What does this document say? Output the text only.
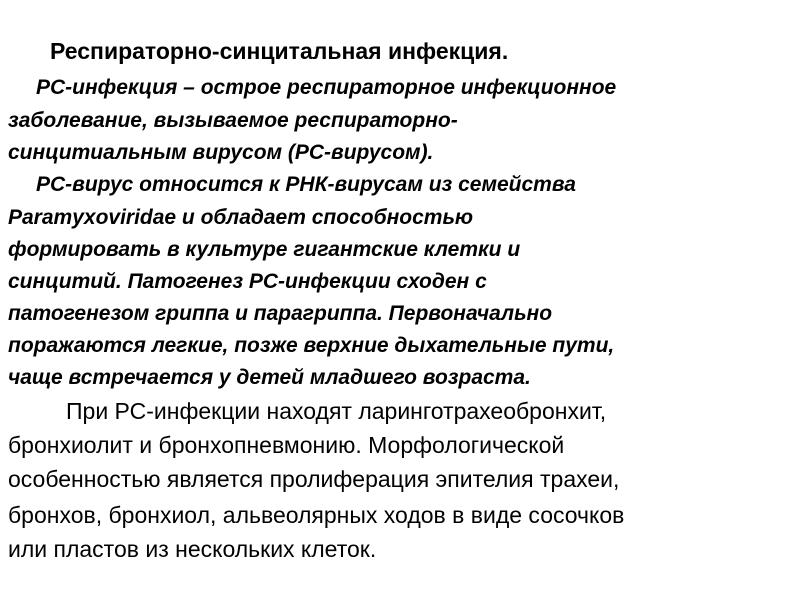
Респираторно-синцитальная инфекция.
РС-инфекция – острое респираторное инфекционное
заболевание, вызываемое респираторно-
синцитиальным вирусом (РС-вирусом).
РС-вирус относится к РНК-вирусам из семейства
Paramyxoviridae и обладает способностью
формировать в культуре гигантские клетки и
синцитий. Патогенез РС-инфекции сходен с
патогенезом гриппа и парагриппа. Первоначально
поражаются легкие, позже верхние дыхательные пути,
чаще встречается у детей младшего возраста.
При РС-инфекции находят ларинготрахеобронхит,
бронхиолит и бронхопневмонию. Морфологической
особенностью является пролиферация эпителия трахеи,
бронхов, бронхиол, альвеолярных ходов в виде сосочков
или пластов из нескольких клеток.
